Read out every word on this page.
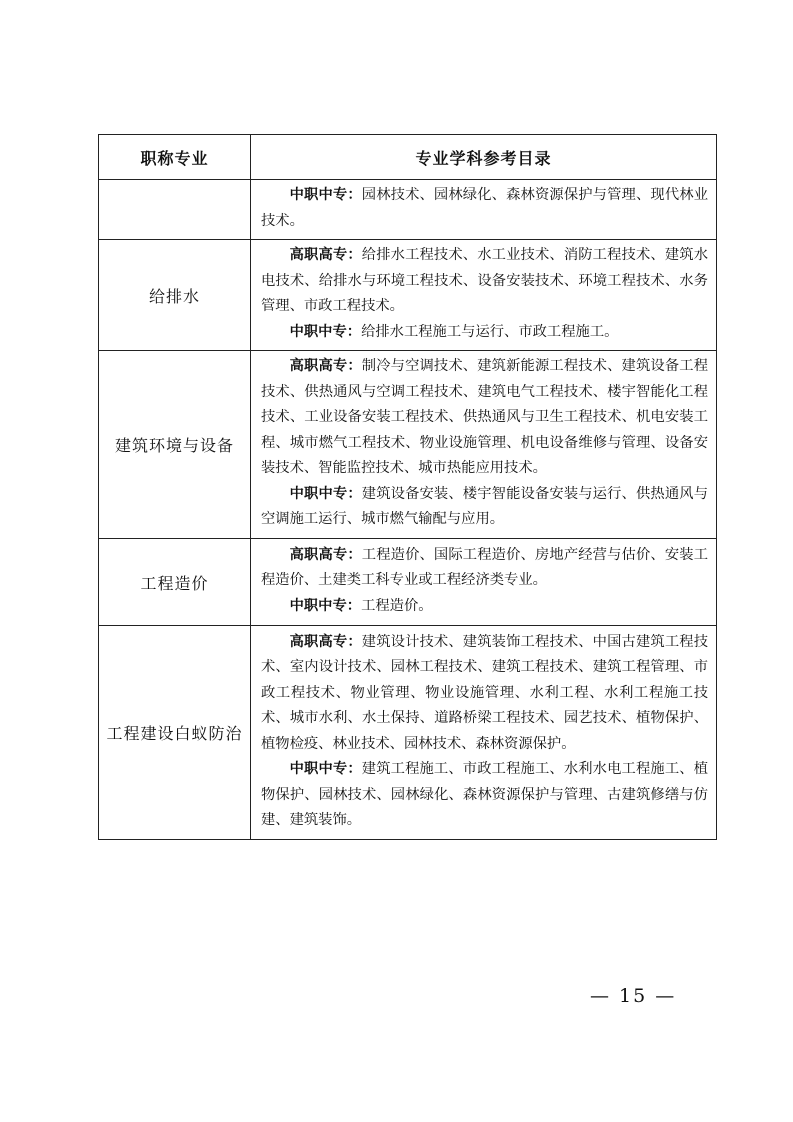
职称专业	专业学科参考目录

	中职中专：园林技术、园林绿化、森林资源保护与管理、现代林业技术。

给排水	高职高专：给排水工程技术、水工业技术、消防工程技术、建筑水电技术、给排水与环境工程技术、设备安装技术、环境工程技术、水务管理、市政工程技术。

中职中专：给排水工程施工与运行、市政工程施工。

建筑环境与设备	高职高专：制冷与空调技术、建筑新能源工程技术、建筑设备工程技术、供热通风与空调工程技术、建筑电气工程技术、楼宇智能化工程技术、工业设备安装工程技术、供热通风与卫生工程技术、机电安装工程、城市燃气工程技术、物业设施管理、机电设备维修与管理、设备安装技术、智能监控技术、城市热能应用技术。

中职中专：建筑设备安装、楼宇智能设备安装与运行、供热通风与空调施工运行、城市燃气输配与应用。

工程造价	高职高专：工程造价、国际工程造价、房地产经营与估价、安装工程造价、土建类工科专业或工程经济类专业。

中职中专：工程造价。

工程建设白蚁防治	高职高专：建筑设计技术、建筑装饰工程技术、中国古建筑工程技术、室内设计技术、园林工程技术、建筑工程技术、建筑工程管理、市政工程技术、物业管理、物业设施管理、水利工程、水利工程施工技术、城市水利、水土保持、道路桥梁工程技术、园艺技术、植物保护、植物检疫、林业技术、园林技术、森林资源保护。

中职中专：建筑工程施工、市政工程施工、水利水电工程施工、植物保护、园林技术、园林绿化、森林资源保护与管理、古建筑修缮与仿建、建筑装饰。

— 15 —
